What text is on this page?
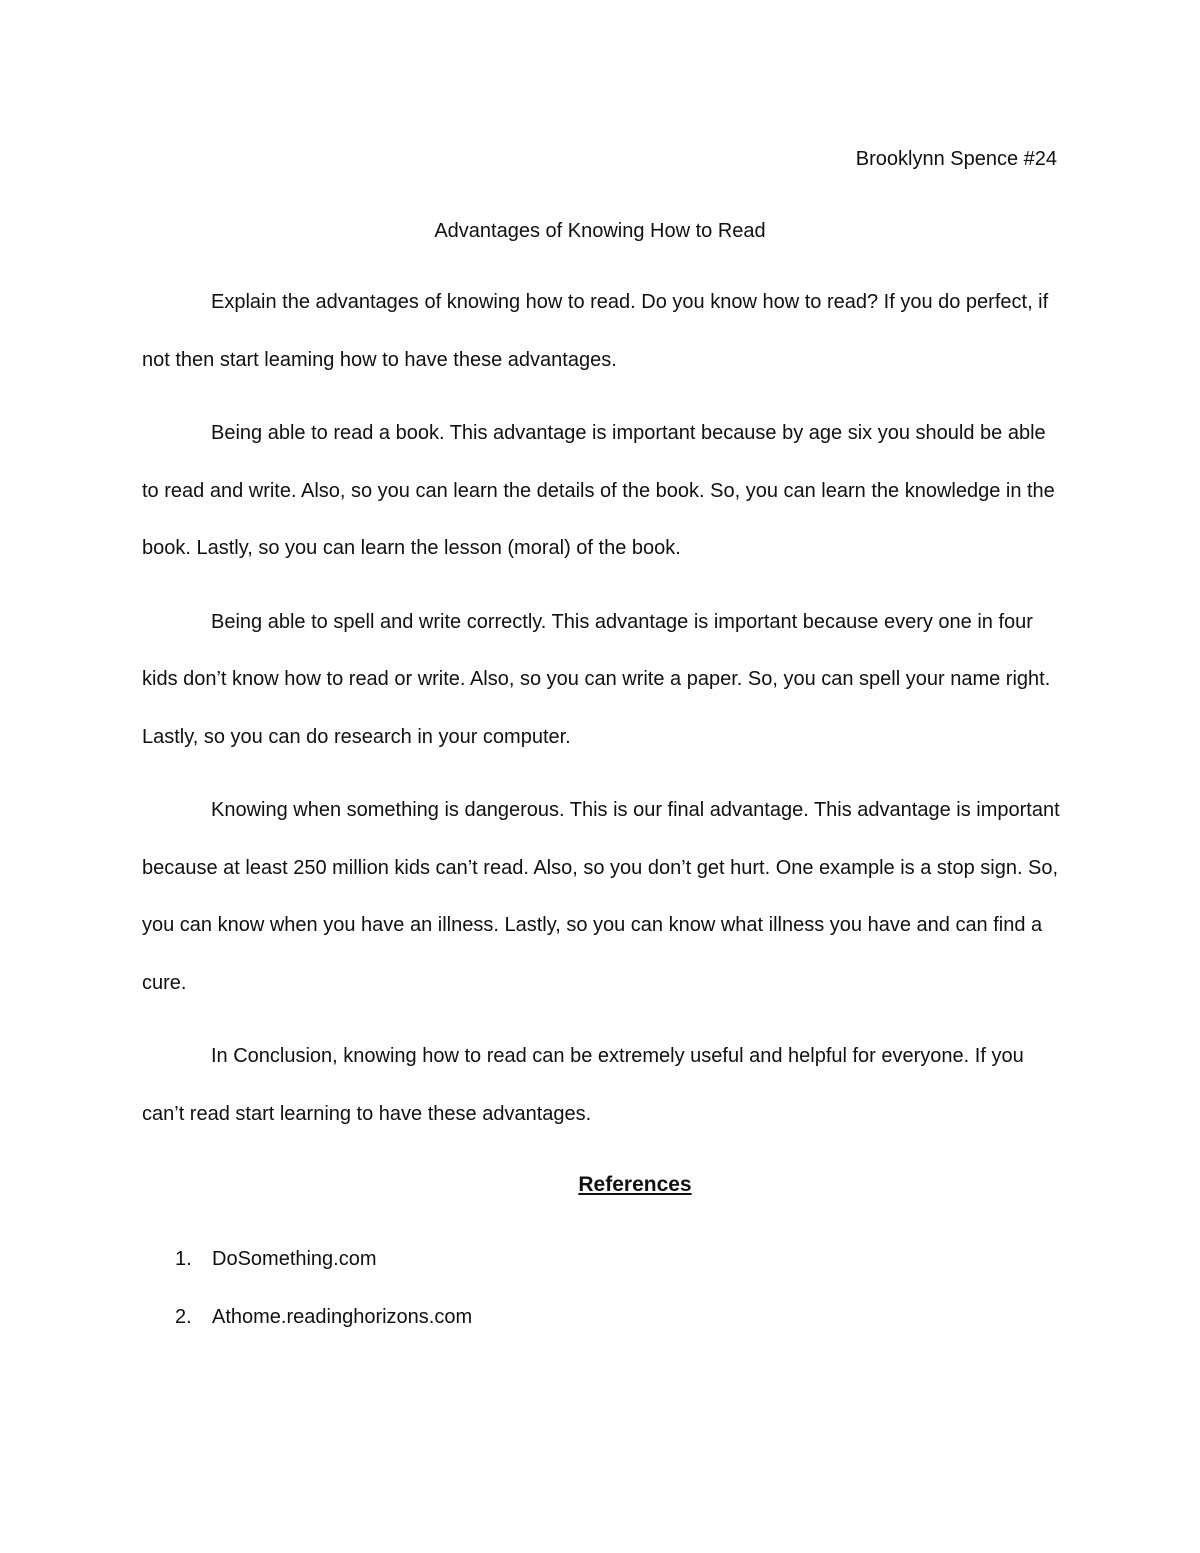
Brooklynn Spence #24
Advantages of Knowing How to Read

Explain the advantages of knowing how to read. Do you know how to read? If you do perfect, if not then start leaming how to have these advantages.

Being able to read a book. This advantage is important because by age six you should be able to read and write. Also, so you can learn the details of the book. So, you can learn the knowledge in the book. Lastly, so you can learn the lesson (moral) of the book.

Being able to spell and write correctly. This advantage is important because every one in four kids don’t know how to read or write. Also, so you can write a paper. So, you can spell your name right. Lastly, so you can do research in your computer.

Knowing when something is dangerous. This is our final advantage. This advantage is important because at least 250 million kids can’t read. Also, so you don’t get hurt. One example is a stop sign. So, you can know when you have an illness. Lastly, so you can know what illness you have and can find a cure.

In Conclusion, knowing how to read can be extremely useful and helpful for everyone. If you can’t read start learning to have these advantages.

References
1.	DoSomething.com
2.	Athome.readinghorizons.com
